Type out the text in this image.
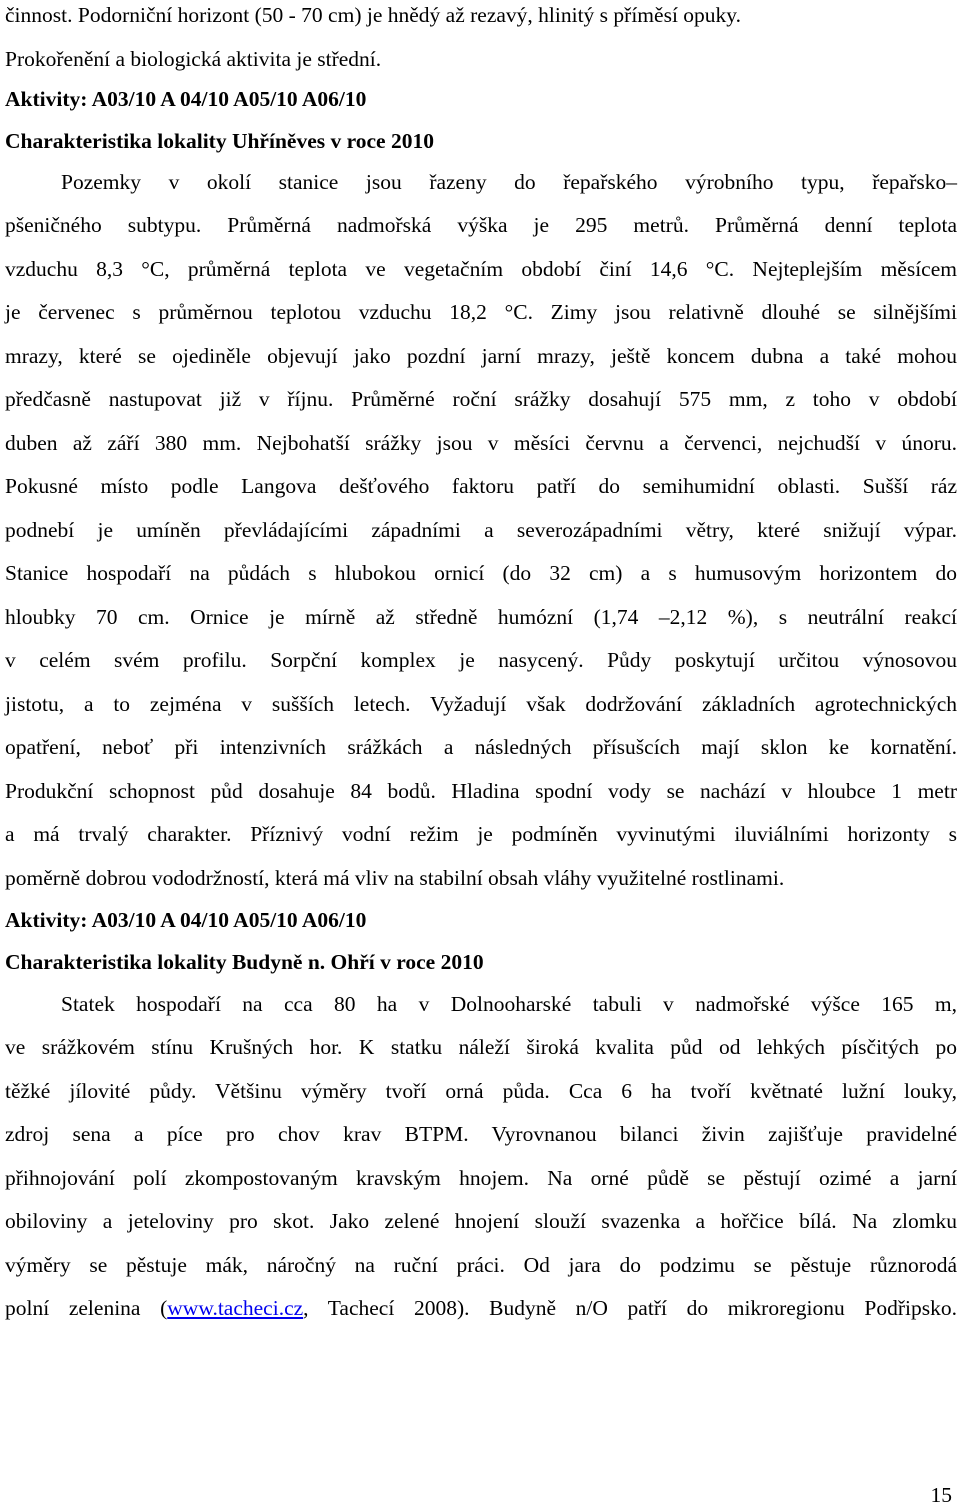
činnost. Podorniční horizont (50 - 70 cm) je hnědý až rezavý, hlinitý s příměsí opuky.
Prokořenění a biologická aktivita je střední.
Aktivity: A03/10 A 04/10 A05/10 A06/10
Charakteristika lokality Uhříněves v roce 2010
Pozemky v okolí stanice jsou řazeny do řepařského výrobního typu, řepařsko–
pšeničného subtypu. Průměrná nadmořská výška je 295 metrů. Průměrná denní teplota
vzduchu 8,3 °C, průměrná teplota ve vegetačním období činí 14,6 °C. Nejteplejším měsícem
je červenec s průměrnou teplotou vzduchu 18,2 °C. Zimy jsou relativně dlouhé se silnějšími
mrazy, které se ojediněle objevují jako pozdní jarní mrazy, ještě koncem dubna a také mohou
předčasně nastupovat již v říjnu. Průměrné roční srážky dosahují 575 mm, z toho v období
duben až září 380 mm. Nejbohatší srážky jsou v měsíci červnu a červenci, nejchudší v únoru.
Pokusné místo podle Langova dešťového faktoru patří do semihumidní oblasti. Sušší ráz
podnebí je umíněn převládajícími západními a severozápadními větry, které snižují výpar.
Stanice hospodaří na půdách s hlubokou ornicí (do 32 cm) a s humusovým horizontem do
hloubky 70 cm. Ornice je mírně až středně humózní (1,74 –2,12 %), s neutrální reakcí
v celém svém profilu. Sorpční komplex je nasycený. Půdy poskytují určitou výnosovou
jistotu, a to zejména v sušších letech. Vyžadují však dodržování základních agrotechnických
opatření, neboť při intenzivních srážkách a následných přísušcích mají sklon ke kornatění.
Produkční schopnost půd dosahuje 84 bodů. Hladina spodní vody se nachází v hloubce 1 metr
a má trvalý charakter. Příznivý vodní režim je podmíněn vyvinutými iluviálními horizonty s
poměrně dobrou vododržností, která má vliv na stabilní obsah vláhy využitelné rostlinami.
Aktivity: A03/10 A 04/10 A05/10 A06/10
Charakteristika lokality Budyně n. Ohří v roce 2010
Statek hospodaří na cca 80 ha v Dolnooharské tabuli v nadmořské výšce 165 m,
ve srážkovém stínu Krušných hor. K statku náleží široká kvalita půd od lehkých písčitých po
těžké jílovité půdy. Většinu výměry tvoří orná půda. Cca 6 ha tvoří květnaté lužní louky,
zdroj sena a píce pro chov krav BTPM. Vyrovnanou bilanci živin zajišťuje pravidelné
přihnojování polí zkompostovaným kravským hnojem. Na orné půdě se pěstují ozimé a jarní
obiloviny a jeteloviny pro skot. Jako zelené hnojení slouží svazenka a hořčice bílá. Na zlomku
výměry se pěstuje mák, náročný na ruční práci. Od jara do podzimu se pěstuje různorodá
polní zelenina (www.tacheci.cz, Tachecí 2008). Budyně n/O patří do mikroregionu Podřipsko.
15
